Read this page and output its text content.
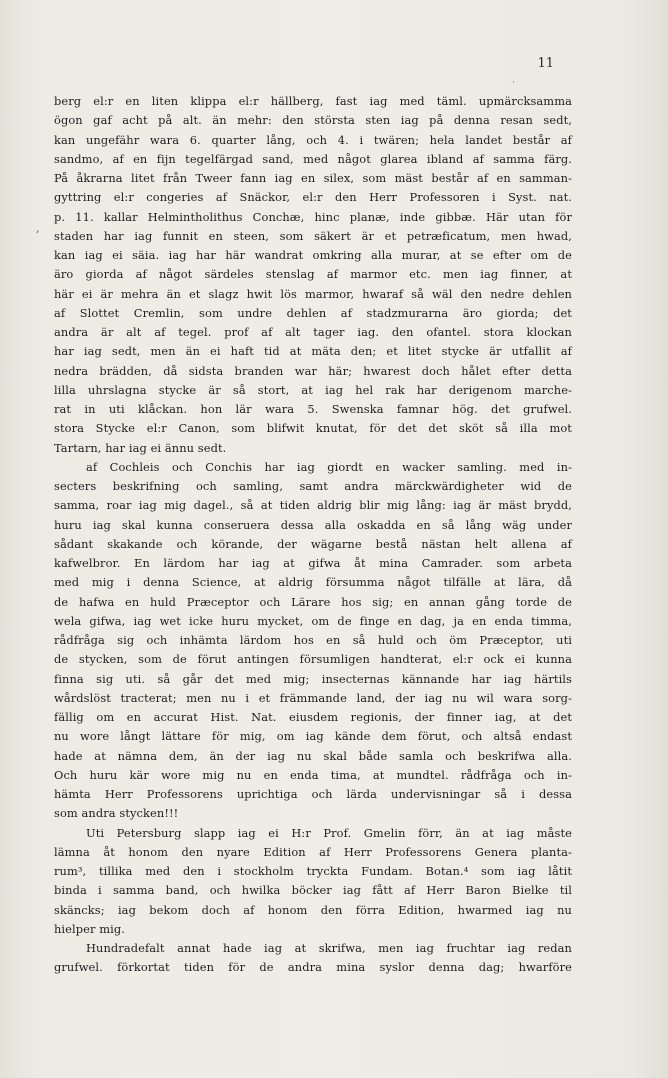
11
·
,
berg el:r en liten klippa el:r hällberg, fast iag med täml. upmärcksamma
ögon gaf acht på alt. än mehr: den största sten iag på denna resan sedt,
kan ungefähr wara 6. quarter lång, och 4. i twären; hela landet består af
sandmo, af en fijn tegelfärgad sand, med något glarea ibland af samma färg.
På åkrarna litet från Tweer fann iag en silex, som mäst består af en samman-
gyttring el:r congeries af Snäckor, el:r den Herr Professoren i Syst. nat.
p. 11. kallar Helmintholithus Conchæ, hinc planæ, inde gibbæ. Här utan för
staden har iag funnit en steen, som säkert är et petræficatum, men hwad,
kan iag ei säia. iag har här wandrat omkring alla murar, at se efter om de
äro giorda af något särdeles stenslag af marmor etc. men iag finner, at
här ei är mehra än et slagz hwit lös marmor, hwaraf så wäl den nedre dehlen
af Slottet Cremlin, som undre dehlen af stadzmurarna äro giorda; det
andra är alt af tegel. prof af alt tager iag. den ofantel. stora klockan
har iag sedt, men än ei haft tid at mäta den; et litet stycke är utfallit af
nedra brädden, då sidsta branden war här; hwarest doch hålet efter detta
lilla uhrslagna stycke är så stort, at iag hel rak har derigenom marche-
rat in uti klåckan. hon lär wara 5. Swenska famnar hög. det grufwel.
stora Stycke el:r Canon, som blifwit knutat, för det det sköt så illa mot
Tartarn, har iag ei ännu sedt.
af Cochleis och Conchis har iag giordt en wacker samling. med in-
secters beskrifning och samling, samt andra märckwärdigheter wid de
samma, roar iag mig dagel., så at tiden aldrig blir mig lång: iag är mäst brydd,
huru iag skal kunna conseruera dessa alla oskadda en så lång wäg under
sådant skakande och körande, der wägarne bestå nästan helt allena af
kafwelbror. En lärdom har iag at gifwa åt mina Camrader. som arbeta
med mig i denna Science, at aldrig försumma något tilfälle at lära, då
de hafwa en huld Præceptor och Lärare hos sig; en annan gång torde de
wela gifwa, iag wet icke huru mycket, om de finge en dag, ja en enda timma,
rådfråga sig och inhämta lärdom hos en så huld och öm Præceptor, uti
de stycken, som de förut antingen försumligen handterat, el:r ock ei kunna
finna sig uti. så går det med mig; insecternas kännande har iag härtils
wårdslöst tracterat; men nu i et främmande land, der iag nu wil wara sorg-
fällig om en accurat Hist. Nat. eiusdem regionis, der finner iag, at det
nu wore långt lättare för mig, om iag kände dem förut, och altså endast
hade at nämna dem, än der iag nu skal både samla och beskrifwa alla.
Och huru kär wore mig nu en enda tima, at mundtel. rådfråga och in-
hämta Herr Professorens uprichtiga och lärda undervisningar så i dessa
som andra stycken!!!
Uti Petersburg slapp iag ei H:r Prof. Gmelin förr, än at iag måste
lämna åt honom den nyare Edition af Herr Professorens Genera planta-
rum³, tillika med den i stockholm tryckta Fundam. Botan.⁴ som iag låtit
binda i samma band, och hwilka böcker iag fått af Herr Baron Bielke til
skäncks; iag bekom doch af honom den förra Edition, hwarmed iag nu
hielper mig.
Hundradefalt annat hade iag at skrifwa, men iag fruchtar iag redan
grufwel. förkortat tiden för de andra mina syslor denna dag; hwarföre
